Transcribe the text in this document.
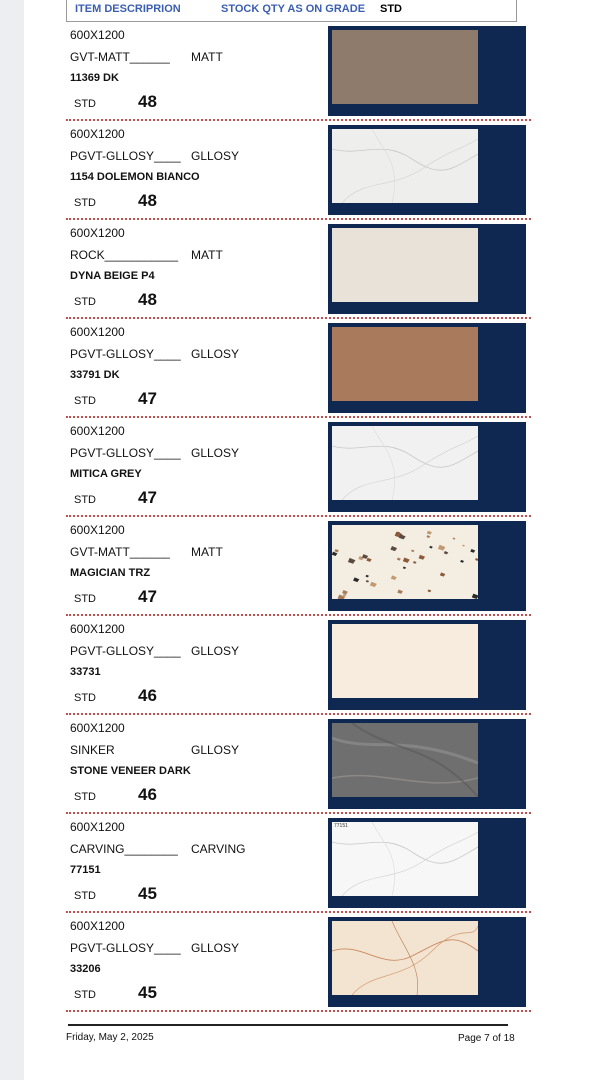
ITEM DESCRIPRION	STOCK QTY AS ON GRADE STD
600X1200
GVT-MATT______ MATT
11369 DK
STD 48
600X1200
PGVT-GLLOSY____ GLLOSY
1154 DOLEMON BIANCO
STD 48
600X1200
ROCK___________ MATT
DYNA BEIGE P4
STD 48
600X1200
PGVT-GLLOSY____ GLLOSY
33791 DK
STD 47
600X1200
PGVT-GLLOSY____ GLLOSY
MITICA GREY
STD 47
600X1200
GVT-MATT______ MATT
MAGICIAN TRZ
STD 47
600X1200
PGVT-GLLOSY____ GLLOSY
33731
STD 46
600X1200
SINKER	GLLOSY
STONE VENEER DARK
STD 46
600X1200
CARVING________ CARVING
77151
STD 45
77151
600X1200
PGVT-GLLOSY____ GLLOSY
33206
STD 45
Friday, May 2, 2025	Page 7 of 18
